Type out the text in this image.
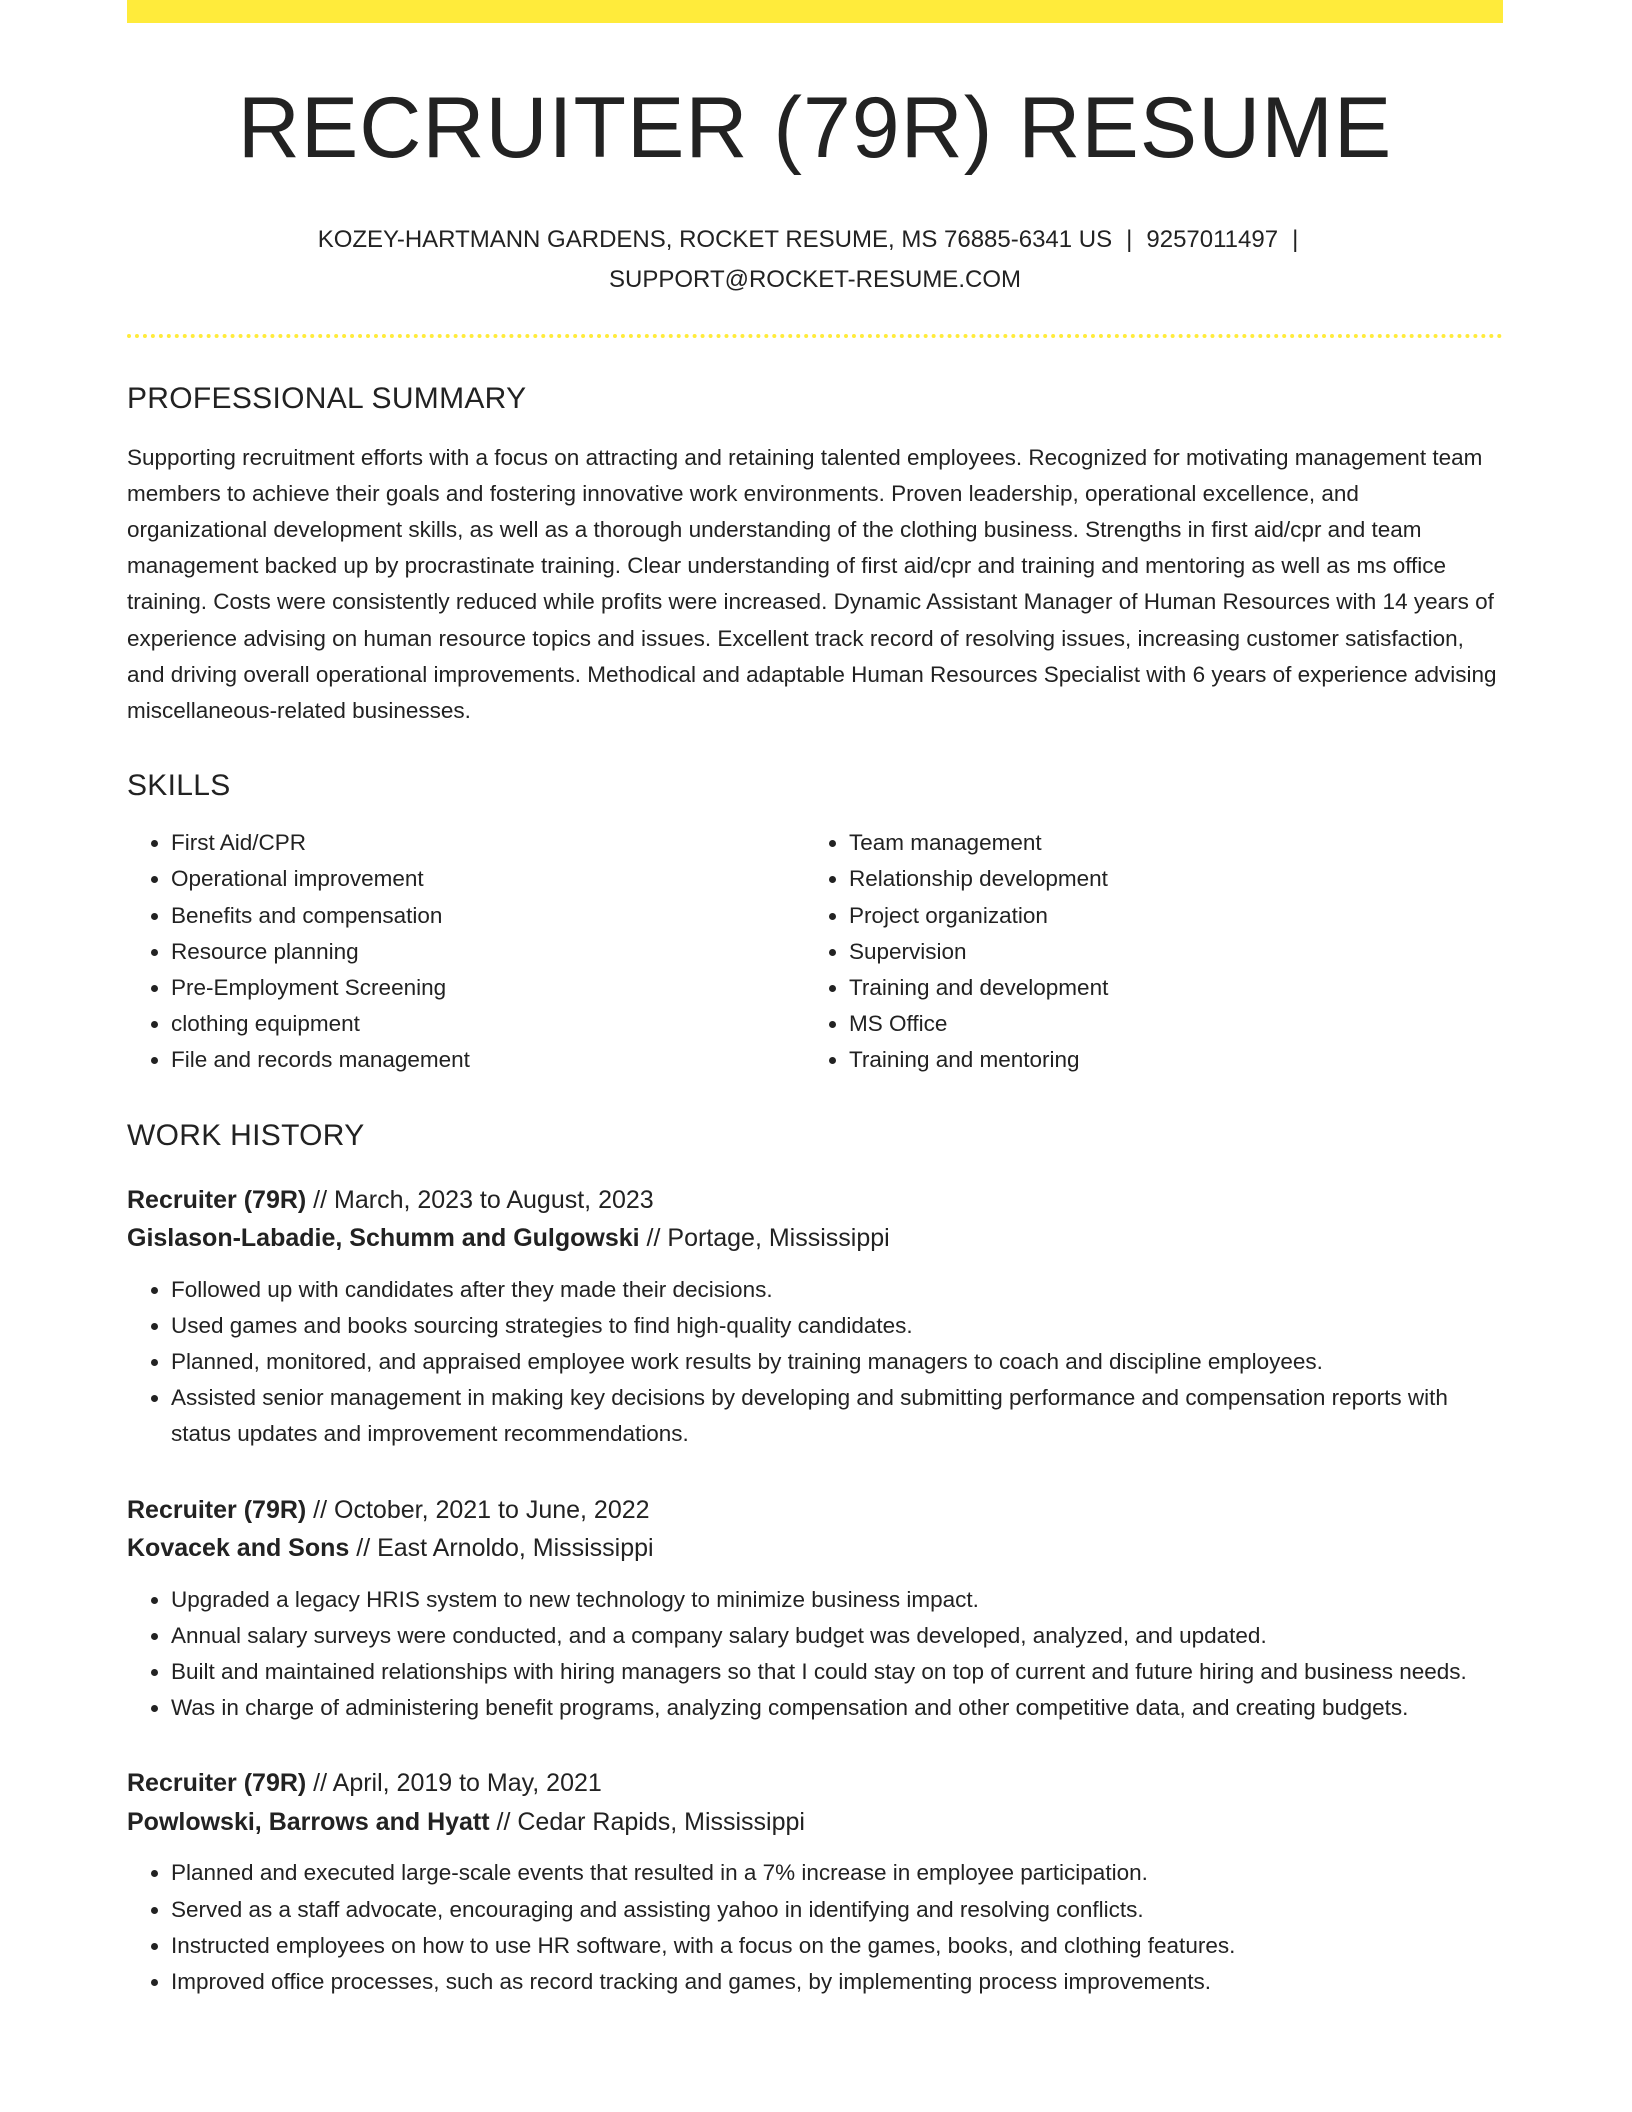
RECRUITER (79R) RESUME
KOZEY-HARTMANN GARDENS, ROCKET RESUME, MS 76885-6341 US | 9257011497 |
SUPPORT@ROCKET-RESUME.COM
PROFESSIONAL SUMMARY
Supporting recruitment efforts with a focus on attracting and retaining talented employees. Recognized for motivating management team members to achieve their goals and fostering innovative work environments. Proven leadership, operational excellence, and organizational development skills, as well as a thorough understanding of the clothing business. Strengths in first aid/cpr and team management backed up by procrastinate training. Clear understanding of first aid/cpr and training and mentoring as well as ms office training. Costs were consistently reduced while profits were increased. Dynamic Assistant Manager of Human Resources with 14 years of experience advising on human resource topics and issues. Excellent track record of resolving issues, increasing customer satisfaction, and driving overall operational improvements. Methodical and adaptable Human Resources Specialist with 6 years of experience advising miscellaneous-related businesses.
SKILLS
• First Aid/CPR
• Operational improvement
• Benefits and compensation
• Resource planning
• Pre-Employment Screening
• clothing equipment
• File and records management
• Team management
• Relationship development
• Project organization
• Supervision
• Training and development
• MS Office
• Training and mentoring
WORK HISTORY
Recruiter (79R) // March, 2023 to August, 2023
Gislason-Labadie, Schumm and Gulgowski // Portage, Mississippi
• Followed up with candidates after they made their decisions.
• Used games and books sourcing strategies to find high-quality candidates.
• Planned, monitored, and appraised employee work results by training managers to coach and discipline employees.
• Assisted senior management in making key decisions by developing and submitting performance and compensation reports with status updates and improvement recommendations.
Recruiter (79R) // October, 2021 to June, 2022
Kovacek and Sons // East Arnoldo, Mississippi
• Upgraded a legacy HRIS system to new technology to minimize business impact.
• Annual salary surveys were conducted, and a company salary budget was developed, analyzed, and updated.
• Built and maintained relationships with hiring managers so that I could stay on top of current and future hiring and business needs.
• Was in charge of administering benefit programs, analyzing compensation and other competitive data, and creating budgets.
Recruiter (79R) // April, 2019 to May, 2021
Powlowski, Barrows and Hyatt // Cedar Rapids, Mississippi
• Planned and executed large-scale events that resulted in a 7% increase in employee participation.
• Served as a staff advocate, encouraging and assisting yahoo in identifying and resolving conflicts.
• Instructed employees on how to use HR software, with a focus on the games, books, and clothing features.
• Improved office processes, such as record tracking and games, by implementing process improvements.
